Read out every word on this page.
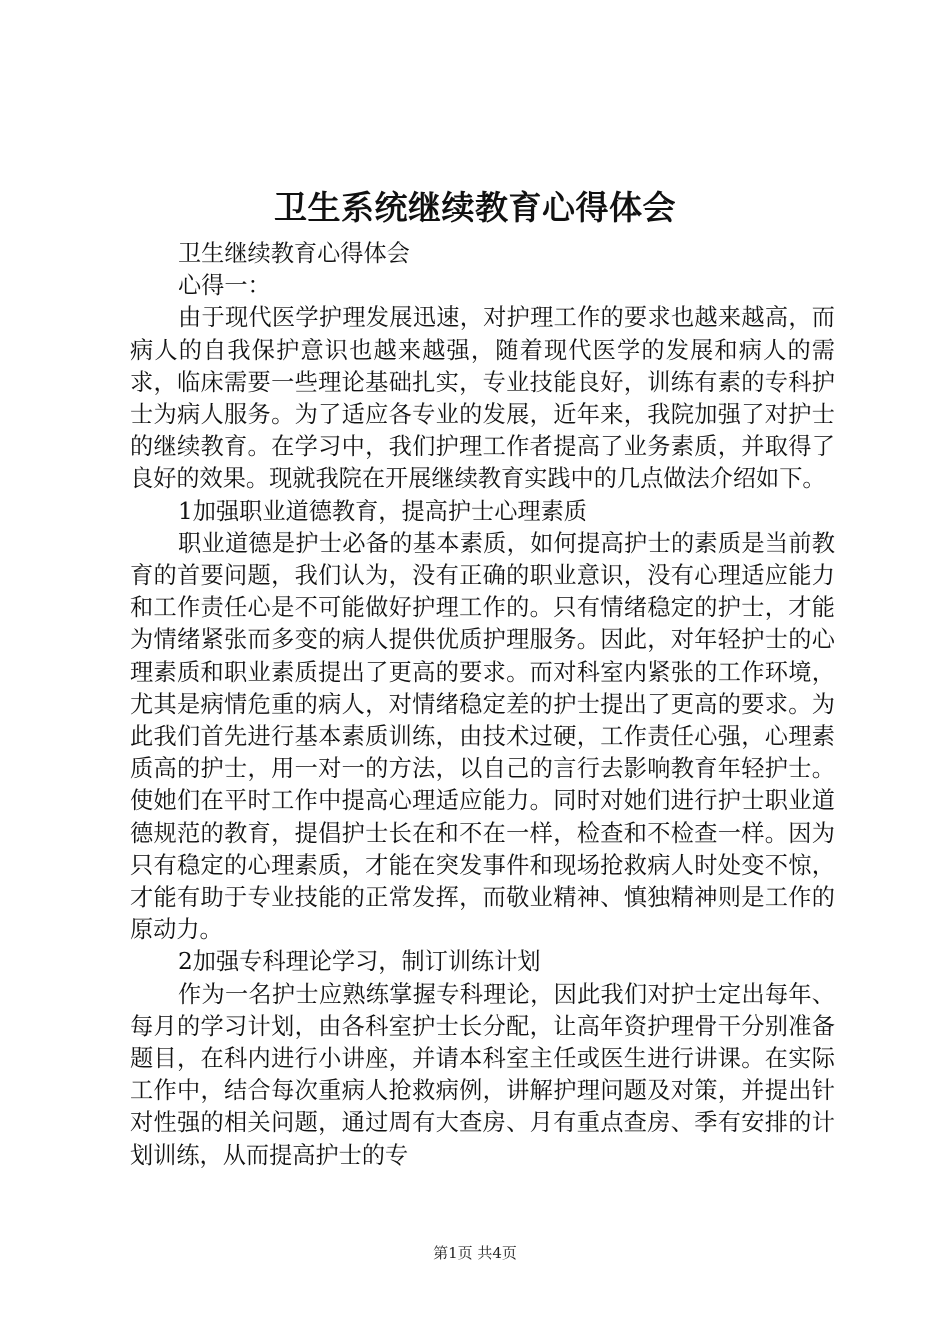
卫生系统继续教育心得体会

卫生继续教育心得体会

心得一：

由于现代医学护理发展迅速，对护理工作的要求也越来越高，而病人的自我保护意识也越来越强，随着现代医学的发展和病人的需求，临床需要一些理论基础扎实，专业技能良好，训练有素的专科护士为病人服务。为了适应各专业的发展，近年来，我院加强了对护士的继续教育。在学习中，我们护理工作者提高了业务素质，并取得了良好的效果。现就我院在开展继续教育实践中的几点做法介绍如下。

1加强职业道德教育，提高护士心理素质

职业道德是护士必备的基本素质，如何提高护士的素质是当前教育的首要问题，我们认为，没有正确的职业意识，没有心理适应能力和工作责任心是不可能做好护理工作的。只有情绪稳定的护士，才能为情绪紧张而多变的病人提供优质护理服务。因此，对年轻护士的心理素质和职业素质提出了更高的要求。而对科室内紧张的工作环境，尤其是病情危重的病人，对情绪稳定差的护士提出了更高的要求。为此我们首先进行基本素质训练，由技术过硬，工作责任心强，心理素质高的护士，用一对一的方法，以自己的言行去影响教育年轻护士。使她们在平时工作中提高心理适应能力。同时对她们进行护士职业道德规范的教育，提倡护士长在和不在一样，检查和不检查一样。因为只有稳定的心理素质，才能在突发事件和现场抢救病人时处变不惊，才能有助于专业技能的正常发挥，而敬业精神、慎独精神则是工作的原动力。

2加强专科理论学习，制订训练计划

作为一名护士应熟练掌握专科理论，因此我们对护士定出每年、每月的学习计划，由各科室护士长分配，让高年资护理骨干分别准备题目，在科内进行小讲座，并请本科室主任或医生进行讲课。在实际工作中，结合每次重病人抢救病例，讲解护理问题及对策，并提出针对性强的相关问题，通过周有大查房、月有重点查房、季有安排的计划训练，从而提高护士的专

第1页 共4页
